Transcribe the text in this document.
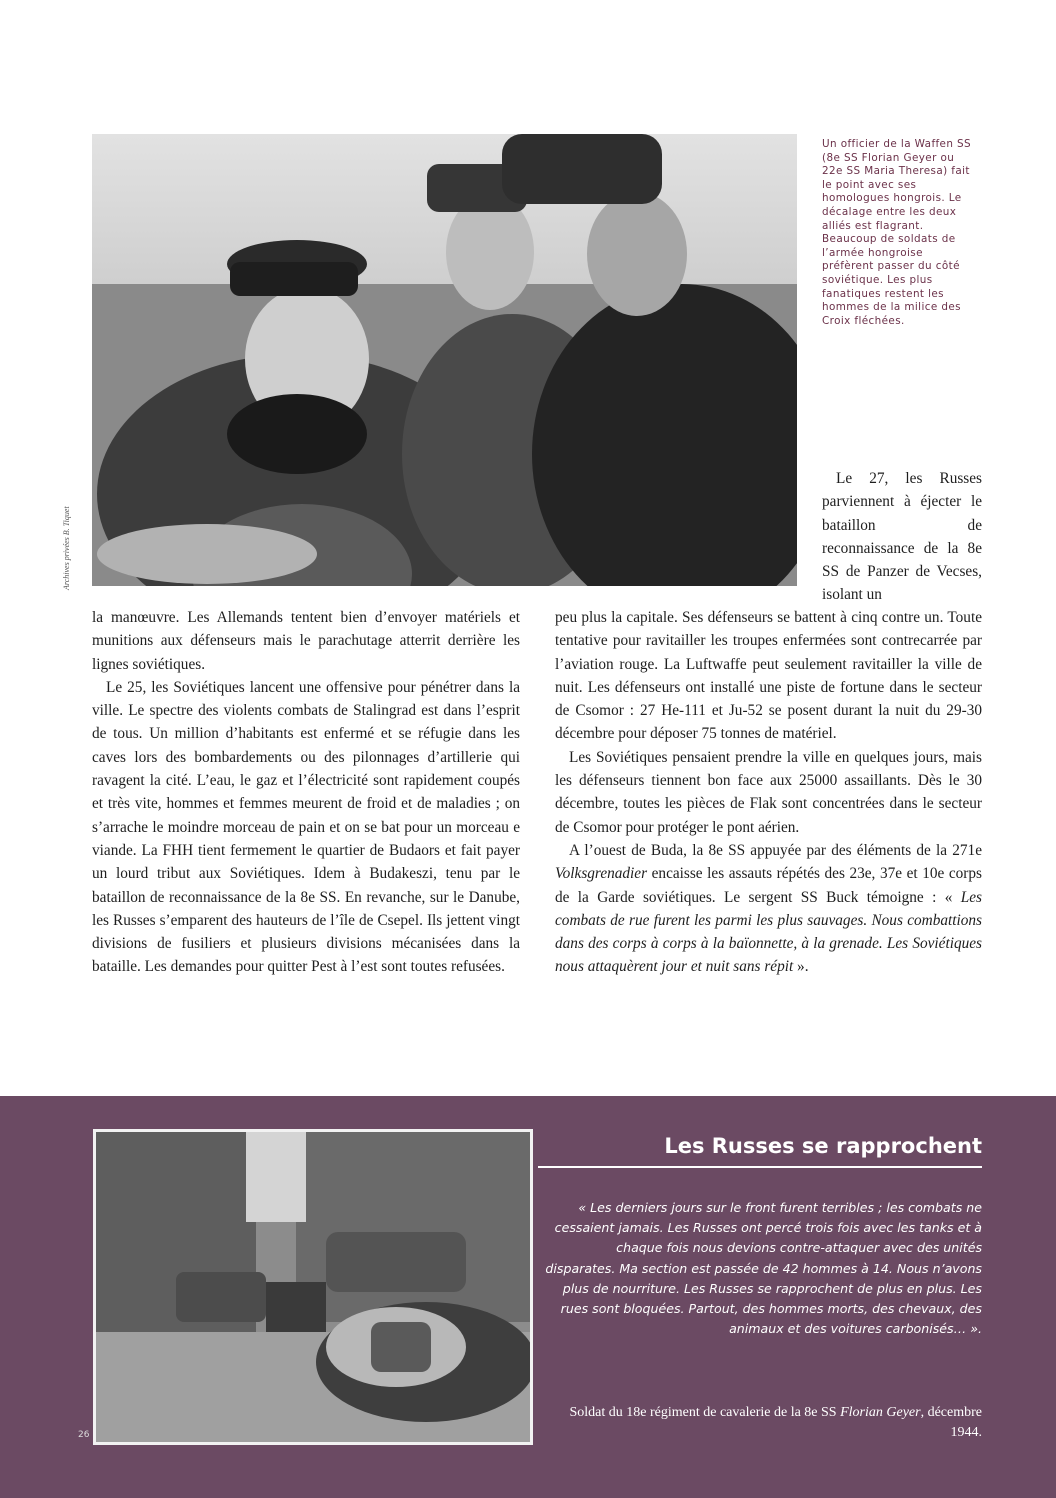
Archives privées B. Tiquet
Un officier de la Waffen SS (8e SS Florian Geyer ou 22e SS Maria Theresa) fait le point avec ses homologues hongrois. Le décalage entre les deux alliés est flagrant. Beaucoup de soldats de l’armée hongroise préfèrent passer du côté soviétique. Les plus fanatiques restent les hommes de la milice des Croix fléchées.

Le 27, les Russes parviennent à éjecter le bataillon de reconnaissance de la 8e SS de Panzer de Vecses, isolant un

la manœuvre. Les Allemands tentent bien d’envoyer matériels et munitions aux défenseurs mais le parachutage atterrit derrière les lignes soviétiques.

Le 25, les Soviétiques lancent une offensive pour pénétrer dans la ville. Le spectre des violents combats de Stalingrad est dans l’esprit de tous. Un million d’habitants est enfermé et se réfugie dans les caves lors des bombardements ou des pilonnages d’artillerie qui ravagent la cité. L’eau, le gaz et l’électricité sont rapidement coupés et très vite, hommes et femmes meurent de froid et de maladies ; on s’arrache le moindre morceau de pain et on se bat pour un morceau e viande. La FHH tient fermement le quartier de Budaors et fait payer un lourd tribut aux Soviétiques. Idem à Budakeszi, tenu par le bataillon de reconnaissance de la 8e SS. En revanche, sur le Danube, les Russes s’emparent des hauteurs de l’île de Csepel. Ils jettent vingt divisions de fusiliers et plusieurs divisions mécanisées dans la bataille. Les demandes pour quitter Pest à l’est sont toutes refusées.

peu plus la capitale. Ses défenseurs se battent à cinq contre un. Toute tentative pour ravitailler les troupes enfermées sont contrecarrée par l’aviation rouge. La Luftwaffe peut seulement ravitailler la ville de nuit. Les défenseurs ont installé une piste de fortune dans le secteur de Csomor : 27 He-111 et Ju-52 se posent durant la nuit du 29-30 décembre pour déposer 75 tonnes de matériel.

Les Soviétiques pensaient prendre la ville en quelques jours, mais les défenseurs tiennent bon face aux 25000 assaillants. Dès le 30 décembre, toutes les pièces de Flak sont concentrées dans le secteur de Csomor pour protéger le pont aérien.

A l’ouest de Buda, la 8e SS appuyée par des éléments de la 271e Volksgrenadier encaisse les assauts répétés des 23e, 37e et 10e corps de la Garde soviétiques. Le sergent SS Buck témoigne : « Les combats de rue furent les parmi les plus sauvages. Nous combattions dans des corps à corps à la baïonnette, à la grenade. Les Soviétiques nous attaquèrent jour et nuit sans répit ».

Les Russes se rapprochent

« Les derniers jours sur le front furent terribles ; les combats ne cessaient jamais. Les Russes ont percé trois fois avec les tanks et à chaque fois nous devions contre-attaquer avec des unités disparates. Ma section est passée de 42 hommes à 14. Nous n’avons plus de nourriture. Les Russes se rapprochent de plus en plus. Les rues sont bloquées. Partout, des hommes morts, des chevaux, des animaux et des voitures carbonisés… ».

Soldat du 18e régiment de cavalerie de la 8e SS Florian Geyer, décembre 1944.

26
